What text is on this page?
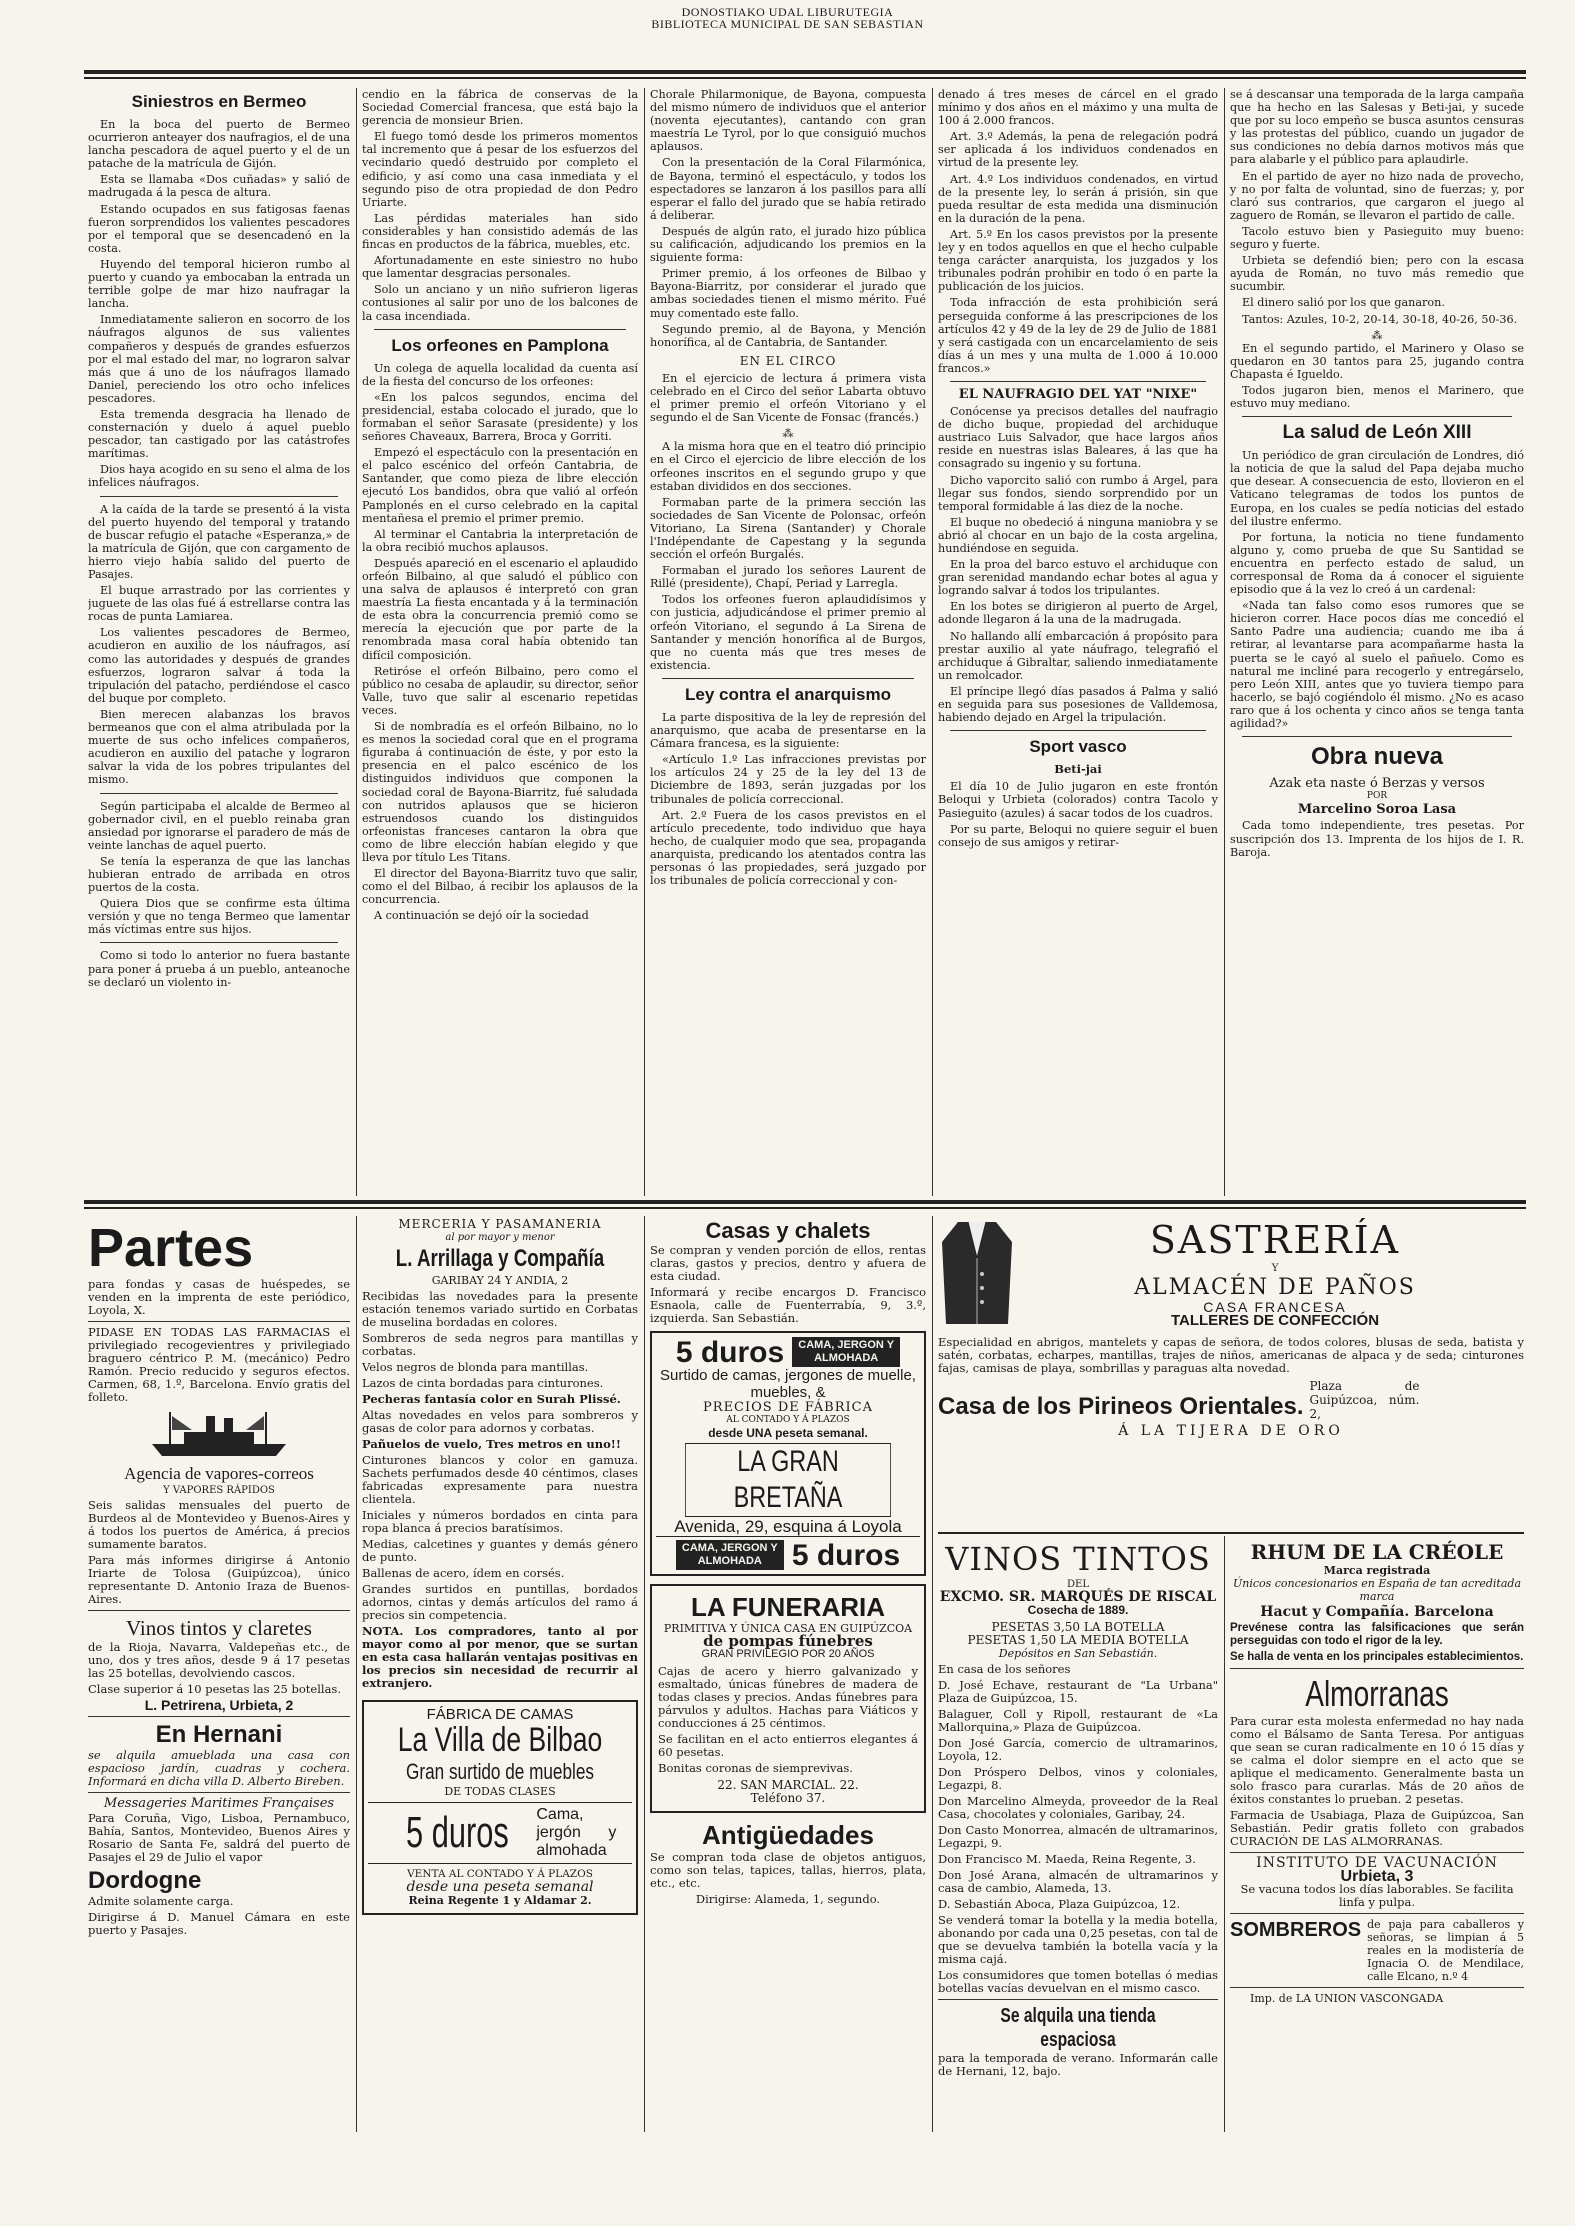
DONOSTIAKO UDAL LIBURUTEGIA
BIBLIOTECA MUNICIPAL DE SAN SEBASTIAN
Siniestros en Bermeo

En la boca del puerto de Bermeo ocurrieron anteayer dos naufragios, el de una lancha pescadora de aquel puerto y el de un patache de la matrícula de Gijón.

Esta se llamaba «Dos cuñadas» y salió de madrugada á la pesca de altura.

Estando ocupados en sus fatigosas faenas fueron sorprendidos los valientes pescadores por el temporal que se desencadenó en la costa.

Huyendo del temporal hicieron rumbo al puerto y cuando ya embocaban la entrada un terrible golpe de mar hizo naufragar la lancha.

Inmediatamente salieron en socorro de los náufragos algunos de sus valientes compañeros y después de grandes esfuerzos por el mal estado del mar, no lograron salvar más que á uno de los náufragos llamado Daniel, pereciendo los otro ocho infelices pescadores.

Esta tremenda desgracia ha llenado de consternación y duelo á aquel pueblo pescador, tan castigado por las catástrofes marítimas.

Dios haya acogido en su seno el alma de los infelices náufragos.

A la caída de la tarde se presentó á la vista del puerto huyendo del temporal y tratando de buscar refugio el patache «Esperanza,» de la matrícula de Gijón, que con cargamento de hierro viejo había salido del puerto de Pasajes.

El buque arrastrado por las corrientes y juguete de las olas fué á estrellarse contra las rocas de punta Lamiarea.

Los valientes pescadores de Bermeo, acudieron en auxilio de los náufragos, así como las autoridades y después de grandes esfuerzos, lograron salvar á toda la tripulación del patacho, perdiéndose el casco del buque por completo.

Bien merecen alabanzas los bravos bermeanos que con el alma atribulada por la muerte de sus ocho infelices compañeros, acudieron en auxilio del patache y lograron salvar la vida de los pobres tripulantes del mismo.

Según participaba el alcalde de Bermeo al gobernador civil, en el pueblo reinaba gran ansiedad por ignorarse el paradero de más de veinte lanchas de aquel puerto.

Se tenía la esperanza de que las lanchas hubieran entrado de arribada en otros puertos de la costa.

Quiera Dios que se confirme esta última versión y que no tenga Bermeo que lamentar más víctimas entre sus hijos.

Como si todo lo anterior no fuera bastante para poner á prueba á un pueblo, anteanoche se declaró un violento in-

cendio en la fábrica de conservas de la Sociedad Comercial francesa, que está bajo la gerencia de monsieur Brien.

El fuego tomó desde los primeros momentos tal incremento que á pesar de los esfuerzos del vecindario quedó destruido por completo el edificio, y así como una casa inmediata y el segundo piso de otra propiedad de don Pedro Uriarte.

Las pérdidas materiales han sido considerables y han consistido además de las fincas en productos de la fábrica, muebles, etc.

Afortunadamente en este siniestro no hubo que lamentar desgracias personales.

Solo un anciano y un niño sufrieron ligeras contusiones al salir por uno de los balcones de la casa incendiada.

Los orfeones en Pamplona

Un colega de aquella localidad da cuenta así de la fiesta del concurso de los orfeones:

«En los palcos segundos, encima del presidencial, estaba colocado el jurado, que lo formaban el señor Sarasate (presidente) y los señores Chaveaux, Barrera, Broca y Gorriti.

Empezó el espectáculo con la presentación en el palco escénico del orfeón Cantabria, de Santander, que como pieza de libre elección ejecutó Los bandidos, obra que valió al orfeón Pamplonés en el curso celebrado en la capital mentañesa el premio el primer premio.

Al terminar el Cantabria la interpretación de la obra recibió muchos aplausos.

Después apareció en el escenario el aplaudido orfeón Bilbaino, al que saludó el público con una salva de aplausos é interpretó con gran maestría La fiesta encantada y á la terminación de esta obra la concurrencia premió como se merecía la ejecución que por parte de la renombrada masa coral había obtenido tan difícil composición.

Retiróse el orfeón Bilbaino, pero como el público no cesaba de aplaudir, su director, señor Valle, tuvo que salir al escenario repetidas veces.

Si de nombradía es el orfeón Bilbaino, no lo es menos la sociedad coral que en el programa figuraba á continuación de éste, y por esto la presencia en el palco escénico de los distinguidos individuos que componen la sociedad coral de Bayona-Biarritz, fué saludada con nutridos aplausos que se hicieron estruendosos cuando los distinguidos orfeonistas franceses cantaron la obra que como de libre elección habían elegido y que lleva por título Les Titans.

El director del Bayona-Biarritz tuvo que salir, como el del Bilbao, á recibir los aplausos de la concurrencia.

A continuación se dejó oír la sociedad

Chorale Philarmonique, de Bayona, compuesta del mismo número de individuos que el anterior (noventa ejecutantes), cantando con gran maestría Le Tyrol, por lo que consiguió muchos aplausos.

Con la presentación de la Coral Filarmónica, de Bayona, terminó el espectáculo, y todos los espectadores se lanzaron á los pasillos para allí esperar el fallo del jurado que se había retirado á deliberar.

Después de algún rato, el jurado hizo pública su calificación, adjudicando los premios en la siguiente forma:

Primer premio, á los orfeones de Bilbao y Bayona-Biarritz, por considerar el jurado que ambas sociedades tienen el mismo mérito. Fué muy comentado este fallo.

Segundo premio, al de Bayona, y Mención honorífica, al de Cantabria, de Santander.

EN EL CIRCO

En el ejercicio de lectura á primera vista celebrado en el Circo del señor Labarta obtuvo el primer premio el orfeón Vitoriano y el segundo el de San Vicente de Fonsac (francés.)

⁂

A la misma hora que en el teatro dió principio en el Circo el ejercicio de libre elección de los orfeones inscritos en el segundo grupo y que estaban divididos en dos secciones.

Formaban parte de la primera sección las sociedades de San Vicente de Polonsac, orfeón Vitoriano, La Sirena (Santander) y Chorale l'Indépendante de Capestang y la segunda sección el orfeón Burgalés.

Formaban el jurado los señores Laurent de Rillé (presidente), Chapí, Periad y Larregla.

Todos los orfeones fueron aplaudidísimos y con justicia, adjudicándose el primer premio al orfeón Vitoriano, el segundo á La Sirena de Santander y mención honorífica al de Burgos, que no cuenta más que tres meses de existencia.

Ley contra el anarquismo

La parte dispositiva de la ley de represión del anarquismo, que acaba de presentarse en la Cámara francesa, es la siguiente:

«Artículo 1.º Las infracciones previstas por los artículos 24 y 25 de la ley del 13 de Diciembre de 1893, serán juzgadas por los tribunales de policía correccional.

Art. 2.º Fuera de los casos previstos en el artículo precedente, todo individuo que haya hecho, de cualquier modo que sea, propaganda anarquista, predicando los atentados contra las personas ó las propiedades, será juzgado por los tribunales de policía correccional y con-

denado á tres meses de cárcel en el grado mínimo y dos años en el máximo y una multa de 100 á 2.000 francos.

Art. 3.º Además, la pena de relegación podrá ser aplicada á los individuos condenados en virtud de la presente ley.

Art. 4.º Los individuos condenados, en virtud de la presente ley, lo serán á prisión, sin que pueda resultar de esta medida una disminución en la duración de la pena.

Art. 5.º En los casos previstos por la presente ley y en todos aquellos en que el hecho culpable tenga carácter anarquista, los juzgados y los tribunales podrán prohibir en todo ó en parte la publicación de los juicios.

Toda infracción de esta prohibición será perseguida conforme á las prescripciones de los artículos 42 y 49 de la ley de 29 de Julio de 1881 y será castigada con un encarcelamiento de seis días á un mes y una multa de 1.000 á 10.000 francos.»

EL NAUFRAGIO DEL YAT "NIXE"

Conócense ya precisos detalles del naufragio de dicho buque, propiedad del archiduque austriaco Luis Salvador, que hace largos años reside en nuestras islas Baleares, á las que ha consagrado su ingenio y su fortuna.

Dicho vaporcito salió con rumbo á Argel, para llegar sus fondos, siendo sorprendido por un temporal formidable á las diez de la noche.

El buque no obedeció á ninguna maniobra y se abrió al chocar en un bajo de la costa argelina, hundiéndose en seguida.

En la proa del barco estuvo el archiduque con gran serenidad mandando echar botes al agua y logrando salvar á todos los tripulantes.

En los botes se dirigieron al puerto de Argel, adonde llegaron á la una de la madrugada.

No hallando allí embarcación á propósito para prestar auxilio al yate náufrago, telegrafió el archiduque á Gibraltar, saliendo inmediatamente un remolcador.

El príncipe llegó días pasados á Palma y salió en seguida para sus posesiones de Valldemosa, habiendo dejado en Argel la tripulación.

Sport vasco
Beti-jai

El día 10 de Julio jugaron en este frontón Beloqui y Urbieta (colorados) contra Tacolo y Pasieguito (azules) á sacar todos de los cuadros.

Por su parte, Beloqui no quiere seguir el buen consejo de sus amigos y retirar-

se á descansar una temporada de la larga campaña que ha hecho en las Salesas y Beti-jai, y sucede que por su loco empeño se busca asuntos censuras y las protestas del público, cuando un jugador de sus condiciones no debía darnos motivos más que para alabarle y el público para aplaudirle.

En el partido de ayer no hizo nada de provecho, y no por falta de voluntad, sino de fuerzas; y, por claró sus contrarios, que cargaron el juego al zaguero de Román, se llevaron el partido de calle.

Tacolo estuvo bien y Pasieguito muy bueno: seguro y fuerte.

Urbieta se defendió bien; pero con la escasa ayuda de Román, no tuvo más remedio que sucumbir.

El dinero salió por los que ganaron.

Tantos: Azules, 10-2, 20-14, 30-18, 40-26, 50-36.

⁂

En el segundo partido, el Marinero y Olaso se quedaron en 30 tantos para 25, jugando contra Chapasta é Igueldo.

Todos jugaron bien, menos el Marinero, que estuvo muy mediano.

La salud de León XIII

Un periódico de gran circulación de Londres, dió la noticia de que la salud del Papa dejaba mucho que desear. A consecuencia de esto, llovieron en el Vaticano telegramas de todos los puntos de Europa, en los cuales se pedía noticias del estado del ilustre enfermo.

Por fortuna, la noticia no tiene fundamento alguno y, como prueba de que Su Santidad se encuentra en perfecto estado de salud, un corresponsal de Roma da á conocer el siguiente episodio que á la vez lo creó á un cardenal:

«Nada tan falso como esos rumores que se hicieron correr. Hace pocos días me concedió el Santo Padre una audiencia; cuando me iba á retirar, al levantarse para acompañarme hasta la puerta se le cayó al suelo el pañuelo. Como es natural me incliné para recogerlo y entregárselo, pero León XIII, antes que yo tuviera tiempo para hacerlo, se bajó cogiéndolo él mismo. ¿No es acaso raro que á los ochenta y cinco años se tenga tanta agilidad?»

Obra nueva
Azak eta naste ó Berzas y versos
POR
Marcelino Soroa Lasa

Cada tomo independiente, tres pesetas. Por suscripción dos 13. Imprenta de los hijos de I. R. Baroja.

Partes

para fondas y casas de huéspedes, se venden en la imprenta de este periódico, Loyola, X.

PIDASE EN TODAS LAS FARMACIAS el privilegiado recogevientres y privilegiado braguero céntrico P. M. (mecánico) Pedro Ramón. Precio reducido y seguros efectos. Carmen, 68, 1.º, Barcelona. Envío gratis del folleto.

Agencia de vapores-correos
Y VAPORES RÁPIDOS

Seis salidas mensuales del puerto de Burdeos al de Montevideo y Buenos-Aires y á todos los puertos de América, á precios sumamente baratos.

Para más informes dirigirse á Antonio Iriarte de Tolosa (Guipúzcoa), único representante D. Antonio Iraza de Buenos-Aires.

Vinos tintos y claretes

de la Rioja, Navarra, Valdepeñas etc., de uno, dos y tres años, desde 9 á 17 pesetas las 25 botellas, devolviendo cascos.

Clase superior á 10 pesetas las 25 botellas.

L. Petrirena, Urbieta, 2
En Hernani

se alquila amueblada una casa con espacioso jardín, cuadras y cochera. Informará en dicha villa D. Alberto Bireben.

Messageries Maritimes Françaises

Para Coruña, Vigo, Lisboa, Pernambuco, Bahía, Santos, Montevideo, Buenos Aires y Rosario de Santa Fe, saldrá del puerto de Pasajes el 29 de Julio el vapor

Dordogne

Admite solamente carga.

Dirigirse á D. Manuel Cámara en este puerto y Pasajes.

MERCERÍA Y PASAMANERÍA
al por mayor y menor
L. Arrillaga y Compañía
GARIBAY 24 Y ANDIA, 2

Recibidas las novedades para la presente estación tenemos variado surtido en Corbatas de muselina bordadas en colores.

Sombreros de seda negros para mantillas y corbatas.

Velos negros de blonda para mantillas.

Lazos de cinta bordadas para cinturones.

Pecheras fantasía color en Surah Plissé.

Altas novedades en velos para sombreros y gasas de color para adornos y corbatas.

Pañuelos de vuelo, Tres metros en uno!!

Cinturones blancos y color en gamuza. Sachets perfumados desde 40 céntimos, clases fabricadas expresamente para nuestra clientela.

Iniciales y números bordados en cinta para ropa blanca á precios baratísimos.

Medias, calcetines y guantes y demás género de punto.

Ballenas de acero, ídem en corsés.

Grandes surtidos en puntillas, bordados adornos, cintas y demás artículos del ramo á precios sin competencia.

NOTA. Los compradores, tanto al por mayor como al por menor, que se surtan en esta casa hallarán ventajas positivas en los precios sin necesidad de recurrir al extranjero.

FÁBRICA DE CAMAS
La Villa de Bilbao
Gran surtido de muebles
DE TODAS CLASES
5 duros Cama, jergón y almohada
VENTA AL CONTADO Y Á PLAZOS
desde una peseta semanal
Reina Regente 1 y Aldamar 2.
Casas y chalets

Se compran y venden porción de ellos, rentas claras, gastos y precios, dentro y afuera de esta ciudad.

Informará y recibe encargos D. Francisco Esnaola, calle de Fuenterrabía, 9, 3.º, izquierda. San Sebastián.

5 duros	CAMA, JERGON Y ALMOHADA
Surtido de camas, jergones de muelle, muebles, &
PRECIOS DE FÁBRICA
AL CONTADO Y Á PLAZOS
desde UNA peseta semanal.
LA GRAN BRETAÑA
Avenida, 29, esquina á Loyola
CAMA, JERGON Y ALMOHADA 5 duros
LA FUNERARIA
PRIMITIVA Y ÚNICA CASA EN GUIPÚZCOA
de pompas fúnebres
GRAN PRIVILEGIO POR 20 AÑOS

Cajas de acero y hierro galvanizado y esmaltado, únicas fúnebres de madera de todas clases y precios. Andas fúnebres para párvulos y adultos. Hachas para Viáticos y conducciones á 25 céntimos.

Se facilitan en el acto entierros elegantes á 60 pesetas.

Bonitas coronas de siemprevivas.

22. SAN MARCIAL. 22.
Teléfono 37.
Antigüedades

Se compran toda clase de objetos antiguos, como son telas, tapices, tallas, hierros, plata, etc., etc.

Dirigirse: Alameda, 1, segundo.

SASTRERÍA
Y
ALMACÉN DE PAÑOS
CASA FRANCESA
TALLERES DE CONFECCIÓN

Especialidad en abrigos, mantelets y capas de señora, de todos colores, blusas de seda, batista y satén, corbatas, echarpes, mantillas, trajes de niños, americanas de alpaca y de seda; cinturones fajas, camisas de playa, sombrillas y paraguas alta novedad.

Casa de los Pirineos Orientales.
Plaza de Guipúzcoa, núm. 2,
Á LA TIJERA DE ORO
VINOS TINTOS
DEL
EXCMO. SR. MARQUÉS DE RISCAL
Cosecha de 1889.
PESETAS 3,50 LA BOTELLA
PESETAS 1,50 LA MEDIA BOTELLA
Depósitos en San Sebastián.

En casa de los señores

D. José Echave, restaurant de "La Urbana" Plaza de Guipúzcoa, 15.

Balaguer, Coll y Ripoll, restaurant de «La Mallorquina,» Plaza de Guipúzcoa.

Don José García, comercio de ultramarinos, Loyola, 12.

Don Próspero Delbos, vinos y coloniales, Legazpi, 8.

Don Marcelino Almeyda, proveedor de la Real Casa, chocolates y coloniales, Garibay, 24.

Don Casto Monorrea, almacén de ultramarinos, Legazpi, 9.

Don Francisco M. Maeda, Reina Regente, 3.

Don José Arana, almacén de ultramarinos y casa de cambio, Alameda, 13.

D. Sebastián Aboca, Plaza Guipúzcoa, 12.

Se venderá tomar la botella y la media botella, abonando por cada una 0,25 pesetas, con tal de que se devuelva también la botella vacía y la misma cajá.

Los consumidores que tomen botellas ó medias botellas vacías devuelvan en el mismo casco.

Se alquila una tienda espaciosa

para la temporada de verano. Informarán calle de Hernani, 12, bajo.

RHUM DE LA CRÉOLE
Marca registrada
Únicos concesionarios en España de tan acreditada marca
Hacut y Compañía. Barcelona

Prevénese contra las falsificaciones que serán perseguidas con todo el rigor de la ley.

Se halla de venta en los principales establecimientos.

Almorranas

Para curar esta molesta enfermedad no hay nada como el Bálsamo de Santa Teresa. Por antiguas que sean se curan radicalmente en 10 ó 15 días y se calma el dolor siempre en el acto que se aplique el medicamento. Generalmente basta un solo frasco para curarlas. Más de 20 años de éxitos constantes lo prueban. 2 pesetas.

Farmacia de Usabiaga, Plaza de Guipúzcoa, San Sebastián. Pedir gratis folleto con grabados CURACIÓN DE LAS ALMORRANAS.

INSTITUTO DE VACUNACIÓN
Urbieta, 3

Se vacuna todos los días laborables. Se facilita linfa y pulpa.

SOMBREROS de paja para caballeros y señoras, se limpian á 5 reales en la modistería de Ignacia O. de Mendilace, calle Elcano, n.º 4
Imp. de LA UNION VASCONGADA
